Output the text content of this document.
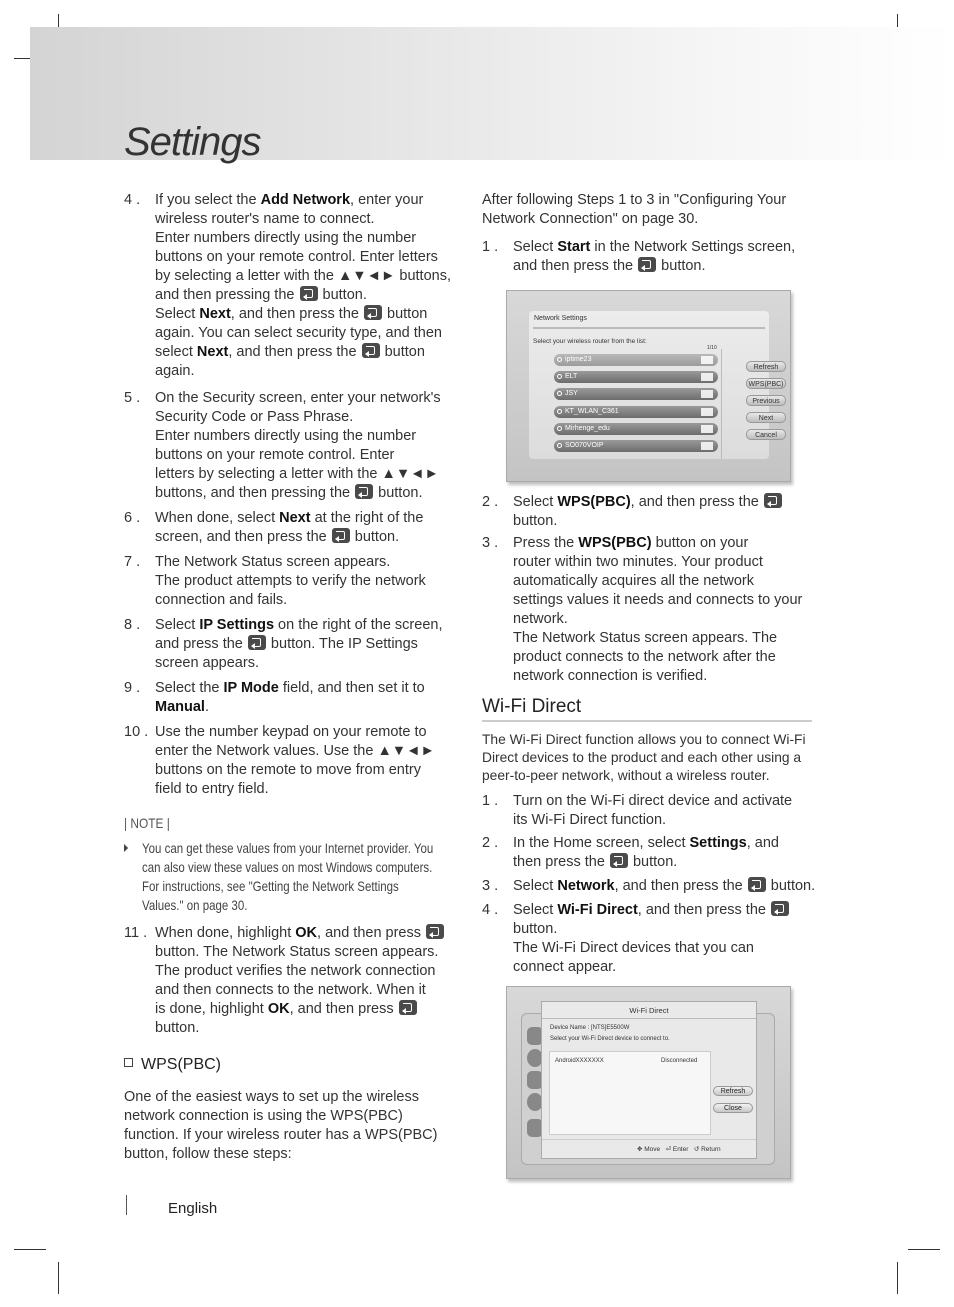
Settings
4 . If you select the Add Network, enter your
wireless router's name to connect.
Enter numbers directly using the number
buttons on your remote control. Enter letters
by selecting a letter with the ▲▼◄► buttons,
and then pressing the  button.
Select Next, and then press the  button
again. You can select security type, and then
select Next, and then press the  button
again.
5 . On the Security screen, enter your network's
Security Code or Pass Phrase.
Enter numbers directly using the number
buttons on your remote control. Enter
letters by selecting a letter with the ▲▼◄►
buttons, and then pressing the  button.
6 . When done, select Next at the right of the
screen, and then press the  button.
7 . The Network Status screen appears.
The product attempts to verify the network
connection and fails.
8 . Select IP Settings on the right of the screen,
and press the  button. The IP Settings
screen appears.
9 . Select the IP Mode field, and then set it to
Manual.
10 . Use the number keypad on your remote to
enter the Network values. Use the ▲▼◄►
buttons on the remote to move from entry
field to entry field.
| NOTE |
You can get these values from your Internet provider. You
can also view these values on most Windows computers.
For instructions, see "Getting the Network Settings
Values." on page 30.
11 . When done, highlight OK, and then press
button. The Network Status screen appears.
The product verifies the network connection
and then connects to the network. When it
is done, highlight OK, and then press
button.
WPS(PBC)
One of the easiest ways to set up the wireless
network connection is using the WPS(PBC)
function. If your wireless router has a WPS(PBC)
button, follow these steps:
After following Steps 1 to 3 in "Configuring Your
Network Connection" on page 30.
1 . Select Start in the Network Settings screen,
and then press the  button.
Network Settings
Select your wireless router from the list:
1/10
iptime23
ELT
JSY
KT_WLAN_C361
Mirhenge_edu
SO070VOIP
Refresh
WPS(PBC)
Previous
Next
Cancel
2 . Select WPS(PBC), and then press the
button.
3 . Press the WPS(PBC) button on your
router within two minutes. Your product
automatically acquires all the network
settings values it needs and connects to your
network.
The Network Status screen appears. The
product connects to the network after the
network connection is verified.
Wi-Fi Direct
The Wi-Fi Direct function allows you to connect Wi-Fi
Direct devices to the product and each other using a
peer-to-peer network, without a wireless router.
1 . Turn on the Wi-Fi direct device and activate
its Wi-Fi Direct function.
2 . In the Home screen, select Settings, and
then press the  button.
3 . Select Network, and then press the  button.
4 . Select Wi-Fi Direct, and then press the
button.
The Wi-Fi Direct devices that you can
connect appear.
Wi-Fi Direct
Device Name : [NTS]E5500W
Select your Wi-Fi Direct device to connect to.
AndroidXXXXXXX	Disconnected
Refresh
Close
✥ Move ⏎ Enter ↺ Return
English
